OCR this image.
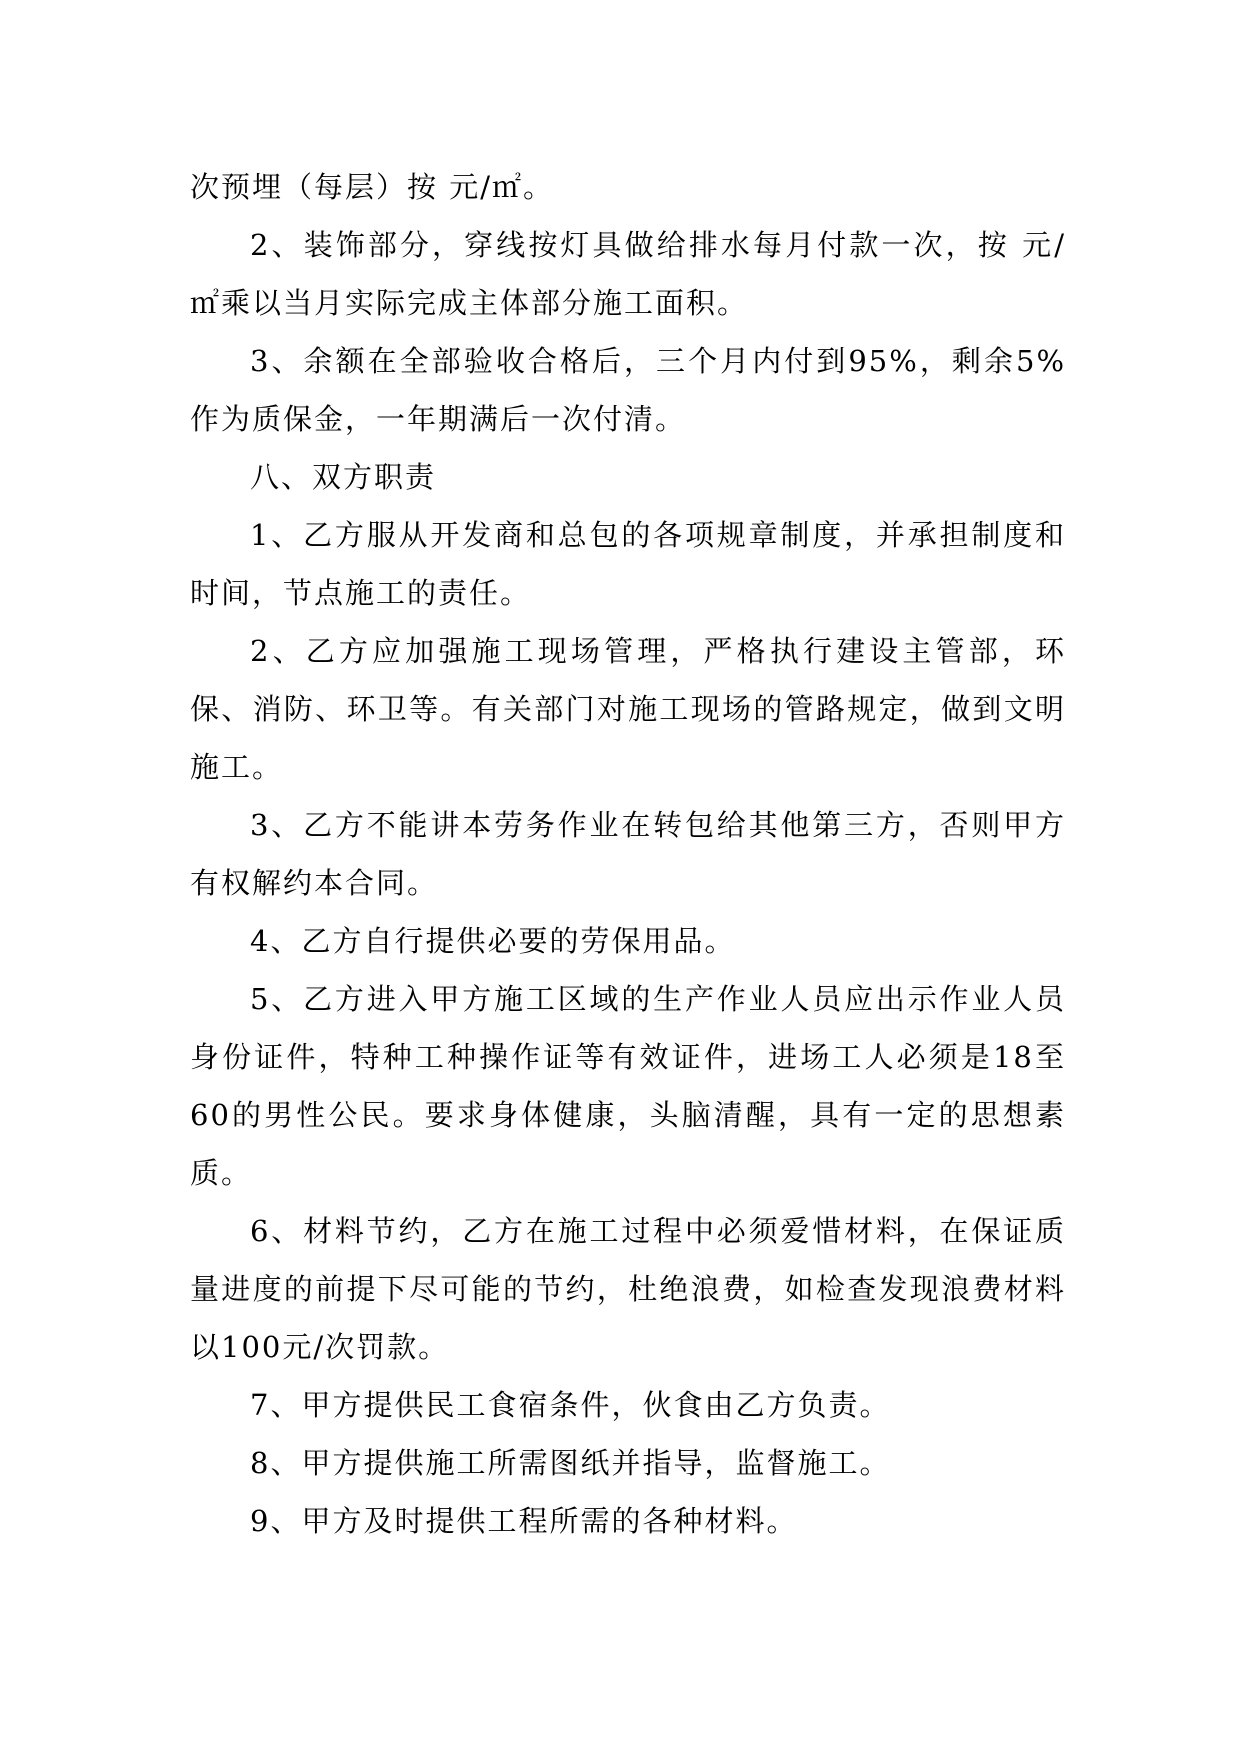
次预埋（每层）按 元/㎡。

2、装饰部分，穿线按灯具做给排水每月付款一次，按 元/㎡乘以当月实际完成主体部分施工面积。

3、余额在全部验收合格后，三个月内付到95%，剩余5%作为质保金，一年期满后一次付清。

八、双方职责

1、乙方服从开发商和总包的各项规章制度，并承担制度和时间，节点施工的责任。

2、乙方应加强施工现场管理，严格执行建设主管部，环保、消防、环卫等。有关部门对施工现场的管路规定，做到文明施工。

3、乙方不能讲本劳务作业在转包给其他第三方，否则甲方有权解约本合同。

4、乙方自行提供必要的劳保用品。

5、乙方进入甲方施工区域的生产作业人员应出示作业人员身份证件，特种工种操作证等有效证件，进场工人必须是18至60的男性公民。要求身体健康，头脑清醒，具有一定的思想素质。

6、材料节约，乙方在施工过程中必须爱惜材料，在保证质量进度的前提下尽可能的节约，杜绝浪费，如检查发现浪费材料以100元/次罚款。

7、甲方提供民工食宿条件，伙食由乙方负责。

8、甲方提供施工所需图纸并指导，监督施工。

9、甲方及时提供工程所需的各种材料。
